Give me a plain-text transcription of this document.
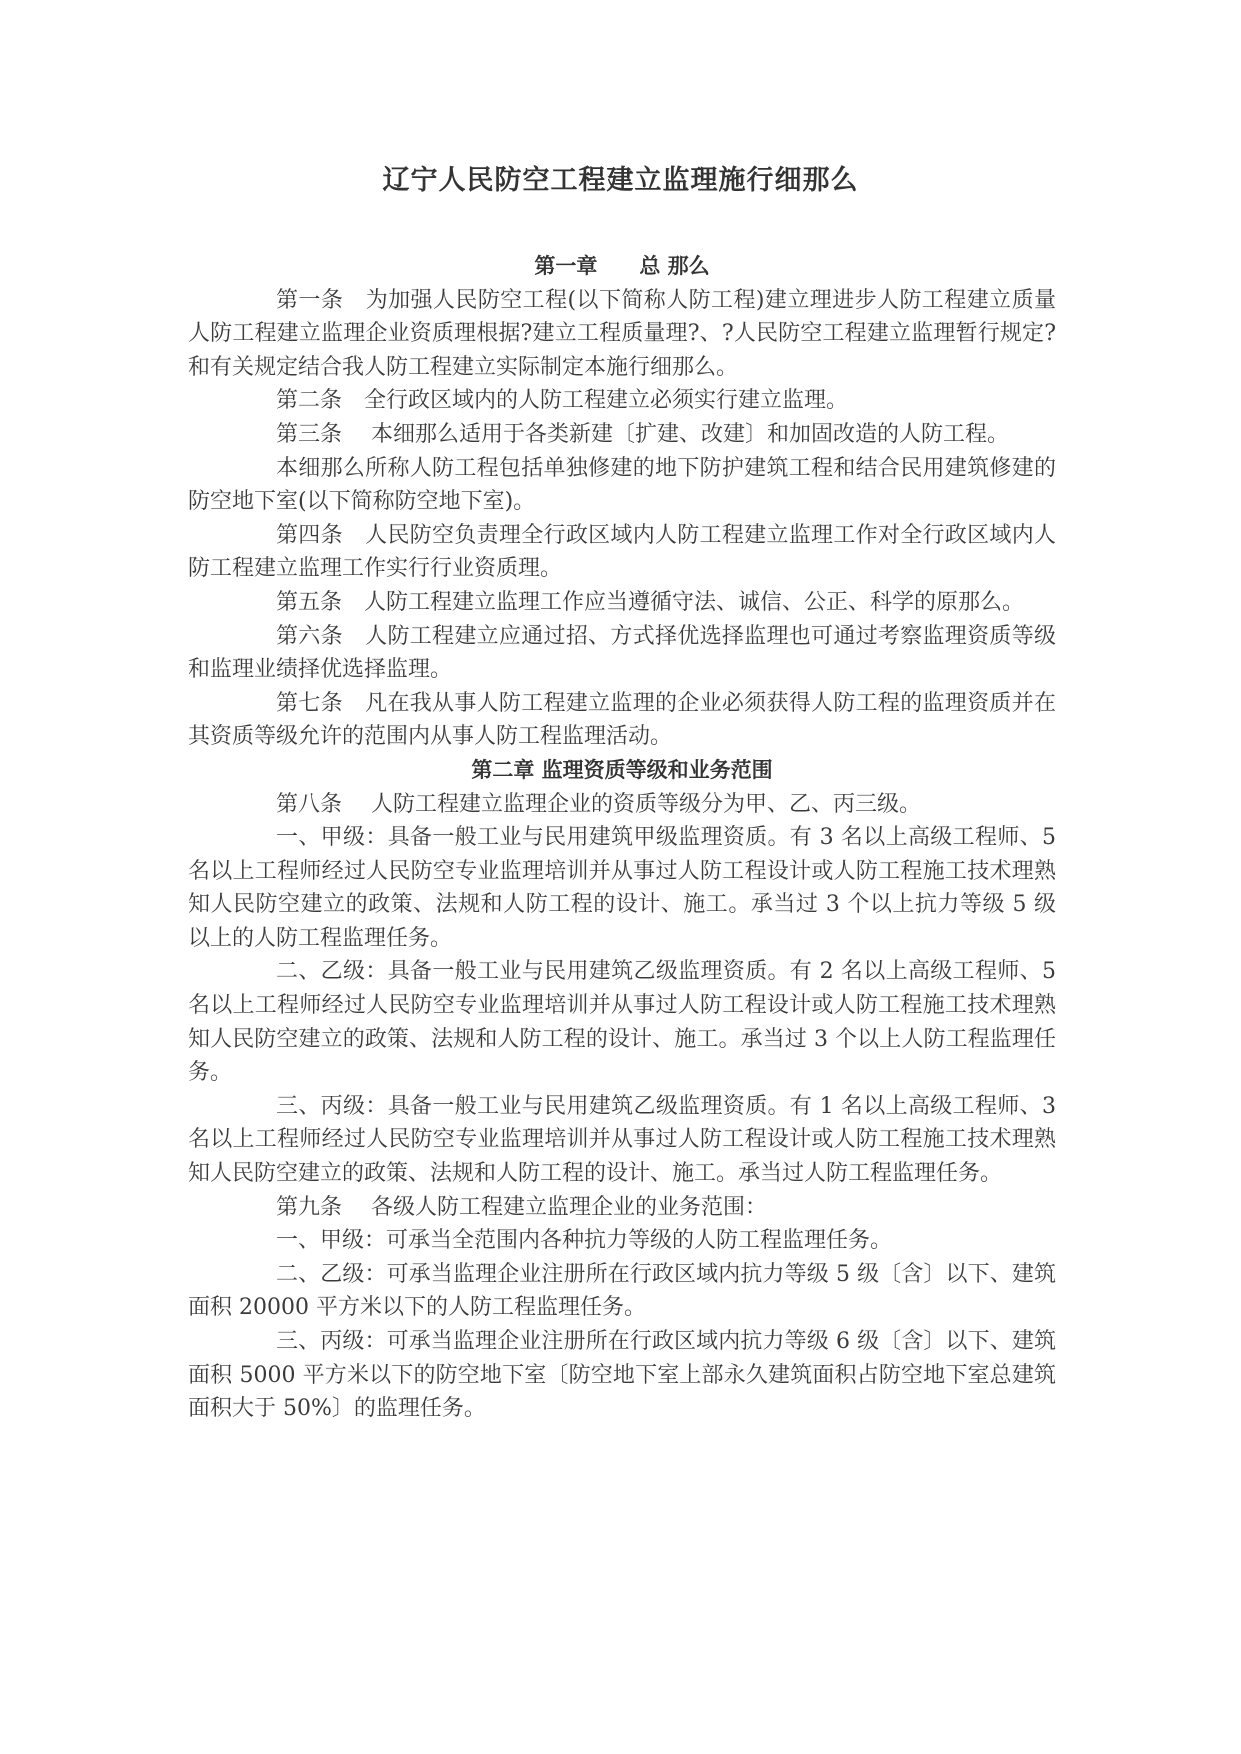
辽宁人民防空工程建立监理施行细那么
第一章　　总 那么

第一条　为加强人民防空工程(以下简称人防工程)建立理进步人防工程建立质量人防工程建立监理企业资质理根据?建立工程质量理?、?人民防空工程建立监理暂行规定?和有关规定结合我人防工程建立实际制定本施行细那么。

第二条　全行政区域内的人防工程建立必须实行建立监理。

第三条　 本细那么适用于各类新建〔扩建、改建〕和加固改造的人防工程。

本细那么所称人防工程包括单独修建的地下防护建筑工程和结合民用建筑修建的防空地下室(以下简称防空地下室)。

第四条　人民防空负责理全行政区域内人防工程建立监理工作对全行政区域内人防工程建立监理工作实行行业资质理。

第五条　人防工程建立监理工作应当遵循守法、诚信、公正、科学的原那么。

第六条　人防工程建立应通过招、方式择优选择监理也可通过考察监理资质等级和监理业绩择优选择监理。

第七条　凡在我从事人防工程建立监理的企业必须获得人防工程的监理资质并在其资质等级允许的范围内从事人防工程监理活动。

第二章 监理资质等级和业务范围

第八条　 人防工程建立监理企业的资质等级分为甲、乙、丙三级。

一、甲级：具备一般工业与民用建筑甲级监理资质。有 3 名以上高级工程师、5 名以上工程师经过人民防空专业监理培训并从事过人防工程设计或人防工程施工技术理熟知人民防空建立的政策、法规和人防工程的设计、施工。承当过 3 个以上抗力等级 5 级以上的人防工程监理任务。

二、乙级：具备一般工业与民用建筑乙级监理资质。有 2 名以上高级工程师、5 名以上工程师经过人民防空专业监理培训并从事过人防工程设计或人防工程施工技术理熟知人民防空建立的政策、法规和人防工程的设计、施工。承当过 3 个以上人防工程监理任务。

三、丙级：具备一般工业与民用建筑乙级监理资质。有 1 名以上高级工程师、3 名以上工程师经过人民防空专业监理培训并从事过人防工程设计或人防工程施工技术理熟知人民防空建立的政策、法规和人防工程的设计、施工。承当过人防工程监理任务。

第九条　 各级人防工程建立监理企业的业务范围：

一、甲级：可承当全范围内各种抗力等级的人防工程监理任务。

二、乙级：可承当监理企业注册所在行政区域内抗力等级 5 级〔含〕以下、建筑面积 20000 平方米以下的人防工程监理任务。

三、丙级：可承当监理企业注册所在行政区域内抗力等级 6 级〔含〕以下、建筑面积 5000 平方米以下的防空地下室〔防空地下室上部永久建筑面积占防空地下室总建筑面积大于 50%〕的监理任务。
